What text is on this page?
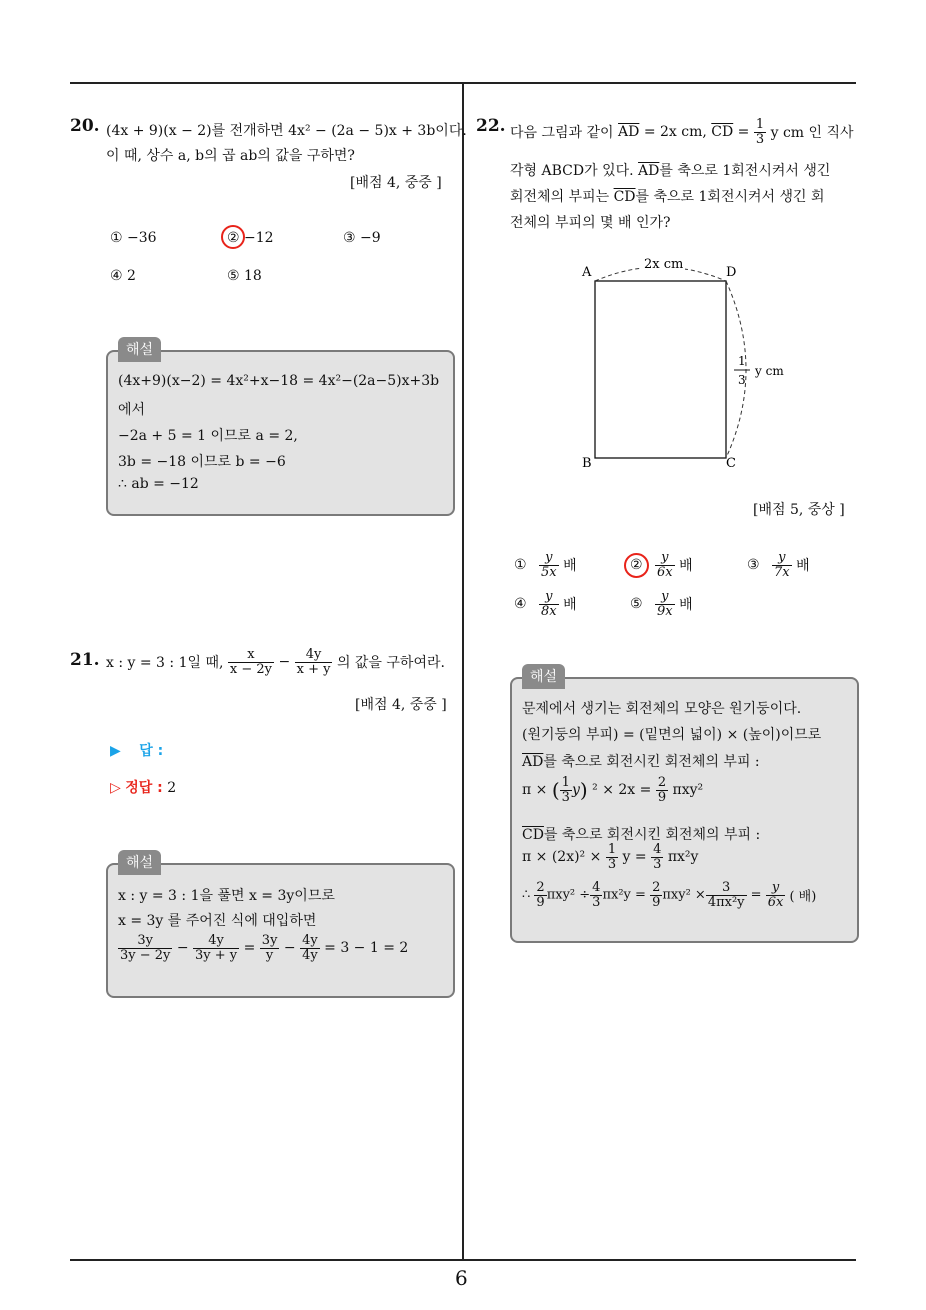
20. (4x + 9)(x − 2)를 전개하면 4x² − (2a − 5)x + 3b이다.
이 때, 상수 a, b의 곱 ab의 값을 구하면?
[배점 4, 중중 ]
① −36	② −12	③ −9
④ 2	⑤ 18
해설
(4x+9)(x−2) = 4x²+x−18 = 4x²−(2a−5)x+3b
에서
−2a + 5 = 1 이므로 a = 2,
3b = −18 이므로 b = −6
∴ ab = −12
21. x : y = 3 : 1일 때, $\frac{x}{x - 2y} - \frac{4y}{x + y}$ 의 값을 구하여라.
[배점 4, 중중 ]
▶ 답 :
▷ 정답 : 2
해설
x : y = 3 : 1을 풀면 x = 3y이므로
x = 3y 를 주어진 식에 대입하면
$\frac{3y}{3y - 2y} - \frac{4y}{3y + y} = \frac{3y}{y} - \frac{4y}{4y} = 3 - 1 = 2$
22. 다음 그림과 같이 $\overline{AD} = 2x$ cm, $\overline{CD} = \frac{1}{3}$ y cm 인 직사
각형 ABCD가 있다. $\overline{AD}$를 축으로 1회전시켜서 생긴
회전체의 부피는 $\overline{CD}$를 축으로 1회전시켜서 생긴 회
전체의 부피의 몇 배 인가?
A	D
B	C
2x cm
1
3
y cm
[배점 5, 중상 ]
① $\frac{y}{5x}$ 배	② $\frac{y}{6x}$ 배	③ $\frac{y}{7x}$ 배
④ $\frac{y}{8x}$ 배	⑤ $\frac{y}{9x}$ 배
해설
문제에서 생기는 회전체의 모양은 원기둥이다.
(원기둥의 부피) = (밑면의 넓이) × (높이)이므로
$\overline{AD}$를 축으로 회전시킨 회전체의 부피 :
π × ( $\frac{1}{3} y$) $^2 \times 2x = \frac{2}{9} \pi xy^2$
$\overline{CD}$를 축으로 회전시킨 회전체의 부피 :
$\pi \times (2x)^2 \times \frac{1}{3}$ $y = \frac{4}{3} \pi x^2y$
∴ $\frac{2}{9} \pi xy^2 \div \frac{4}{3} \pi x^2y = \frac{2}{9} \pi xy^2 \times \frac{3}{\text{4πx²y}} = \frac{y}{6x}$ ( 배)
6
